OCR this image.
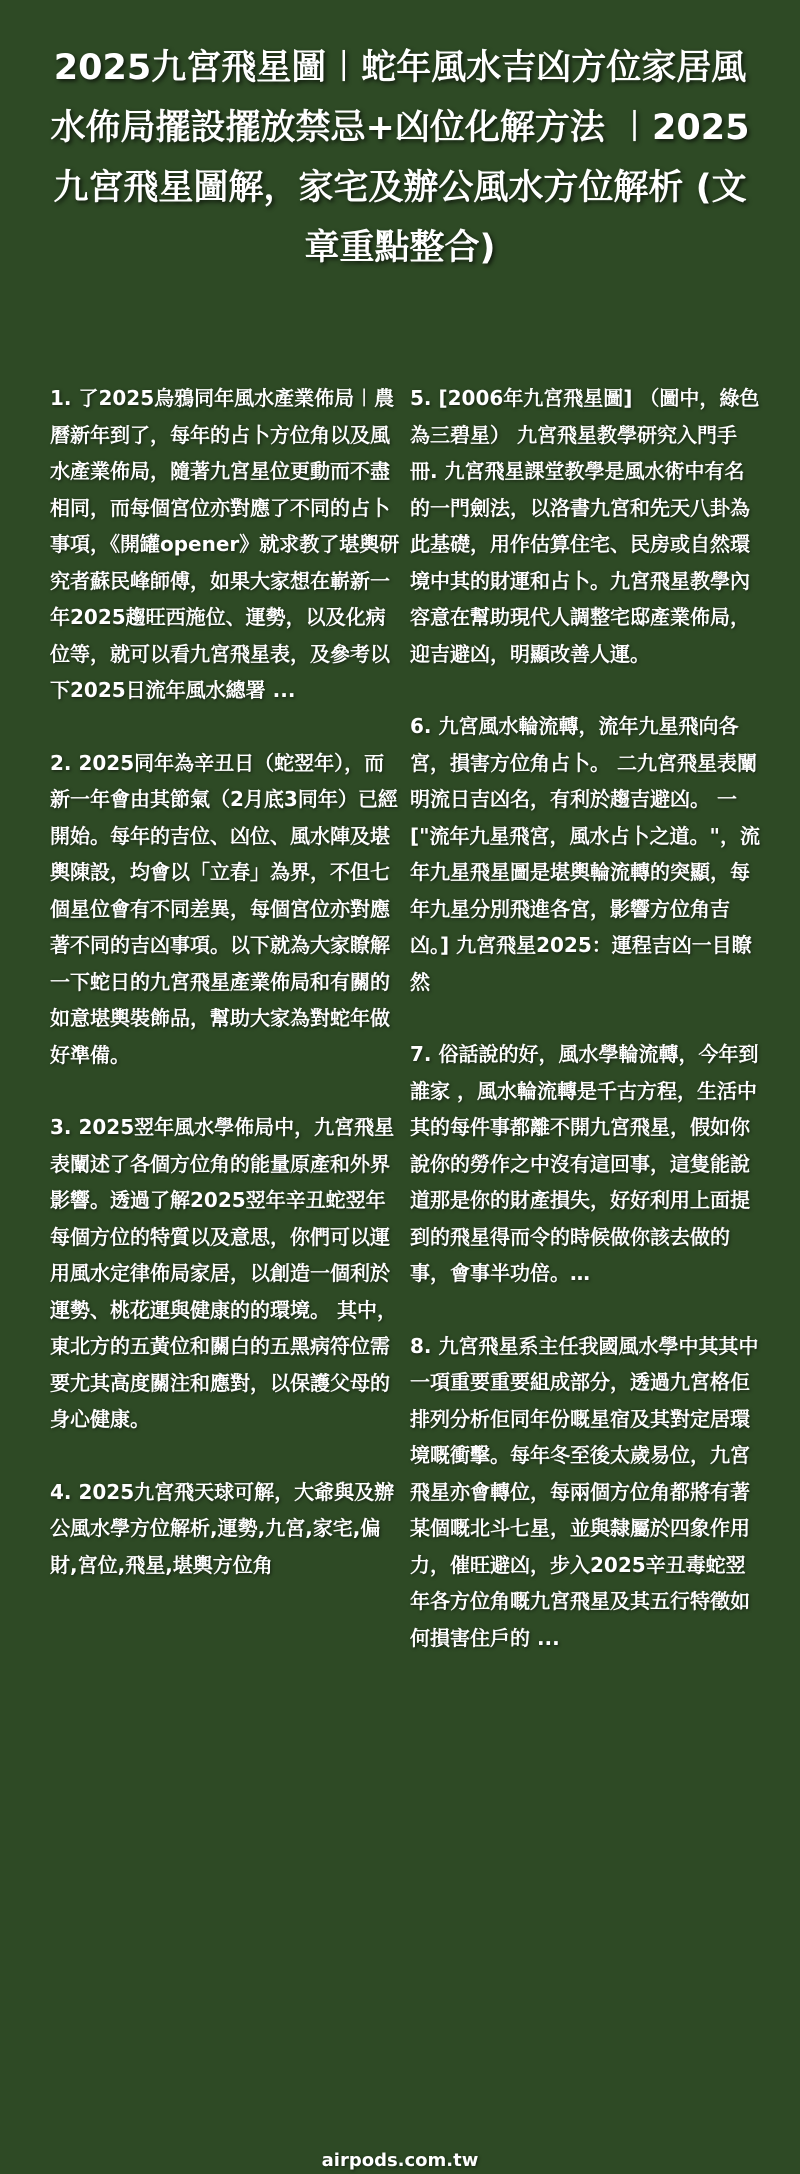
2025九宮飛星圖︱蛇年風水吉凶方位家居風水佈局擺設擺放禁忌+凶位化解方法 ︱2025九宮飛星圖解，家宅及辦公風水方位解析 (文章重點整合)

1. 了2025烏鴉同年風水產業佈局︱農曆新年到了，每年的占卜方位角以及風水產業佈局，隨著九宮星位更動而不盡相同，而每個宮位亦對應了不同的占卜事項，《開罐opener》就求教了堪輿研究者蘇民峰師傅，如果大家想在嶄新一年2025趨旺西施位、運勢，以及化病位等，就可以看九宮飛星表，及參考以下2025日流年風水總署 ...

2. 2025同年為辛丑日（蛇翌年），而新一年會由其節氣（2月底3同年）已經開始。每年的吉位、凶位、風水陣及堪輿陳設，均會以「立春」為界，不但七個星位會有不同差異，每個宮位亦對應著不同的吉凶事項。以下就為大家瞭解一下蛇日的九宮飛星產業佈局和有關的如意堪輿裝飾品，幫助大家為對蛇年做好準備。

3. 2025翌年風水學佈局中，九宮飛星表闡述了各個方位角的能量原產和外界影響。透過了解2025翌年辛丑蛇翌年每個方位的特質以及意思，你們可以運用風水定律佈局家居，以創造一個利於運勢、桃花運與健康的的環境。 其中，東北方的五黃位和關白的五黑病符位需要尤其高度關注和應對，以保護父母的身心健康。

4. 2025九宮飛天球可解，大爺與及辦公風水學方位解析,運勢,九宮,家宅,偏財,宮位,飛星,堪輿方位角

5. [2006年九宮飛星圖] （圖中，綠色為三碧星） 九宮飛星教學研究入門手冊. 九宮飛星課堂教學是風水術中有名的一門劍法，以洛書九宮和先天八卦為此基礎，用作估算住宅、民房或自然環境中其的財運和占卜。九宮飛星教學內容意在幫助現代人調整宅邸產業佈局，迎吉避凶，明顯改善人運。

6. 九宮風水輪流轉，流年九星飛向各宮，損害方位角占卜。 二九宮飛星表闡明流日吉凶名，有利於趨吉避凶。 一 ["流年九星飛宮，風水占卜之道。"，流年九星飛星圖是堪輿輪流轉的突顯，每年九星分別飛進各宮，影響方位角吉凶。] 九宮飛星2025：運程吉凶一目瞭然

7. 俗話說的好，風水學輪流轉，今年到誰家 ，風水輪流轉是千古方程，生活中其的每件事都離不開九宮飛星，假如你說你的勞作之中沒有這回事，這隻能說道那是你的財產損失，好好利用上面提到的飛星得而令的時候做你該去做的事，會事半功倍。…

8. 九宮飛星系主任我國風水學中其其中一項重要重要組成部分，透過九宮格佢排列分析佢同年份嘅星宿及其對定居環境嘅衝擊。每年冬至後太歲易位，九宮飛星亦會轉位，每兩個方位角都將有著某個嘅北斗七星，並與隸屬於四象作用力，催旺避凶，步入2025辛丑毒蛇翌年各方位角嘅九宮飛星及其五行特徵如何損害住戶的 ...

airpods.com.tw
